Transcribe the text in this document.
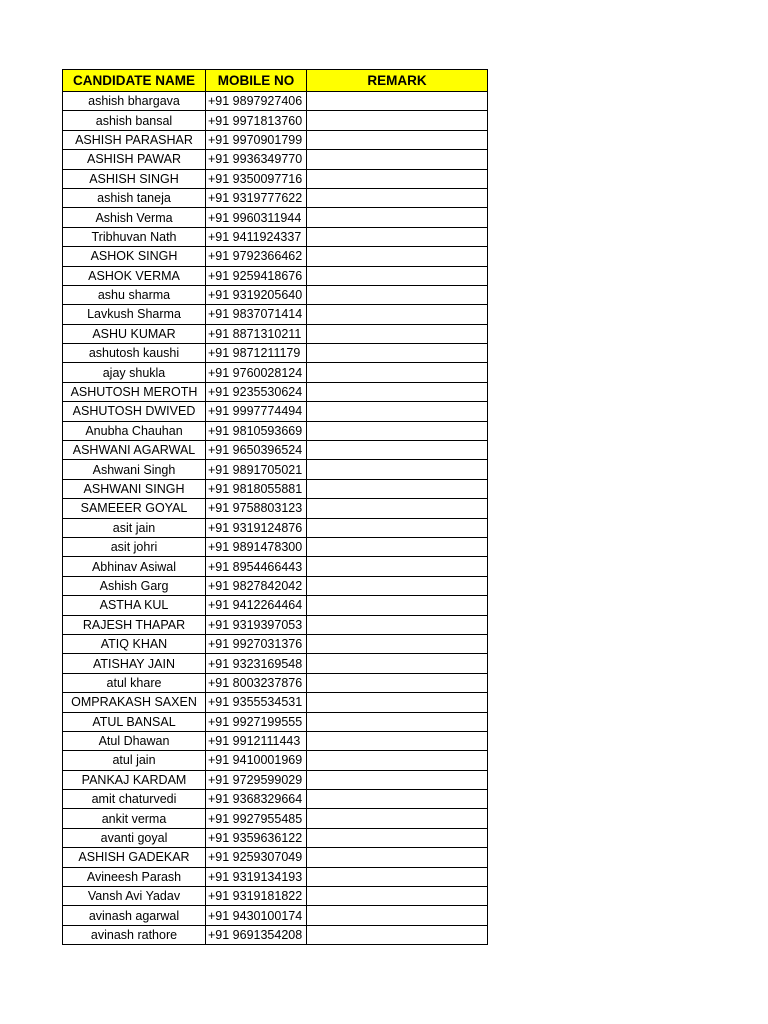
CANDIDATE NAME	MOBILE NO	REMARK
ashish bhargava	+91 9897927406	
ashish bansal	+91 9971813760	
ASHISH PARASHAR	+91 9970901799	
ASHISH PAWAR	+91 9936349770	
ASHISH SINGH	+91 9350097716	
ashish taneja	+91 9319777622	
Ashish Verma	+91 9960311944	
Tribhuvan Nath	+91 9411924337	
ASHOK SINGH	+91 9792366462	
ASHOK VERMA	+91 9259418676	
ashu sharma	+91 9319205640	
Lavkush Sharma	+91 9837071414	
ASHU KUMAR	+91 8871310211	
ashutosh kaushi	+91 9871211179	
ajay shukla	+91 9760028124	
ASHUTOSH MEROTH	+91 9235530624	
ASHUTOSH DWIVED	+91 9997774494	
Anubha Chauhan	+91 9810593669	
ASHWANI AGARWAL	+91 9650396524	
Ashwani Singh	+91 9891705021	
ASHWANI SINGH	+91 9818055881	
SAMEEER GOYAL	+91 9758803123	
asit jain	+91 9319124876	
asit johri	+91 9891478300	
Abhinav Asiwal	+91 8954466443	
Ashish Garg	+91 9827842042	
ASTHA KUL	+91 9412264464	
RAJESH THAPAR	+91 9319397053	
ATIQ KHAN	+91 9927031376	
ATISHAY JAIN	+91 9323169548	
atul khare	+91 8003237876	
OMPRAKASH SAXEN	+91 9355534531	
ATUL BANSAL	+91 9927199555	
Atul Dhawan	+91 9912111443	
atul jain	+91 9410001969	
PANKAJ KARDAM	+91 9729599029	
amit chaturvedi	+91 9368329664	
ankit verma	+91 9927955485	
avanti goyal	+91 9359636122	
ASHISH GADEKAR	+91 9259307049	
Avineesh Parash	+91 9319134193	
Vansh Avi Yadav	+91 9319181822	
avinash agarwal	+91 9430100174	
avinash rathore	+91 9691354208	
